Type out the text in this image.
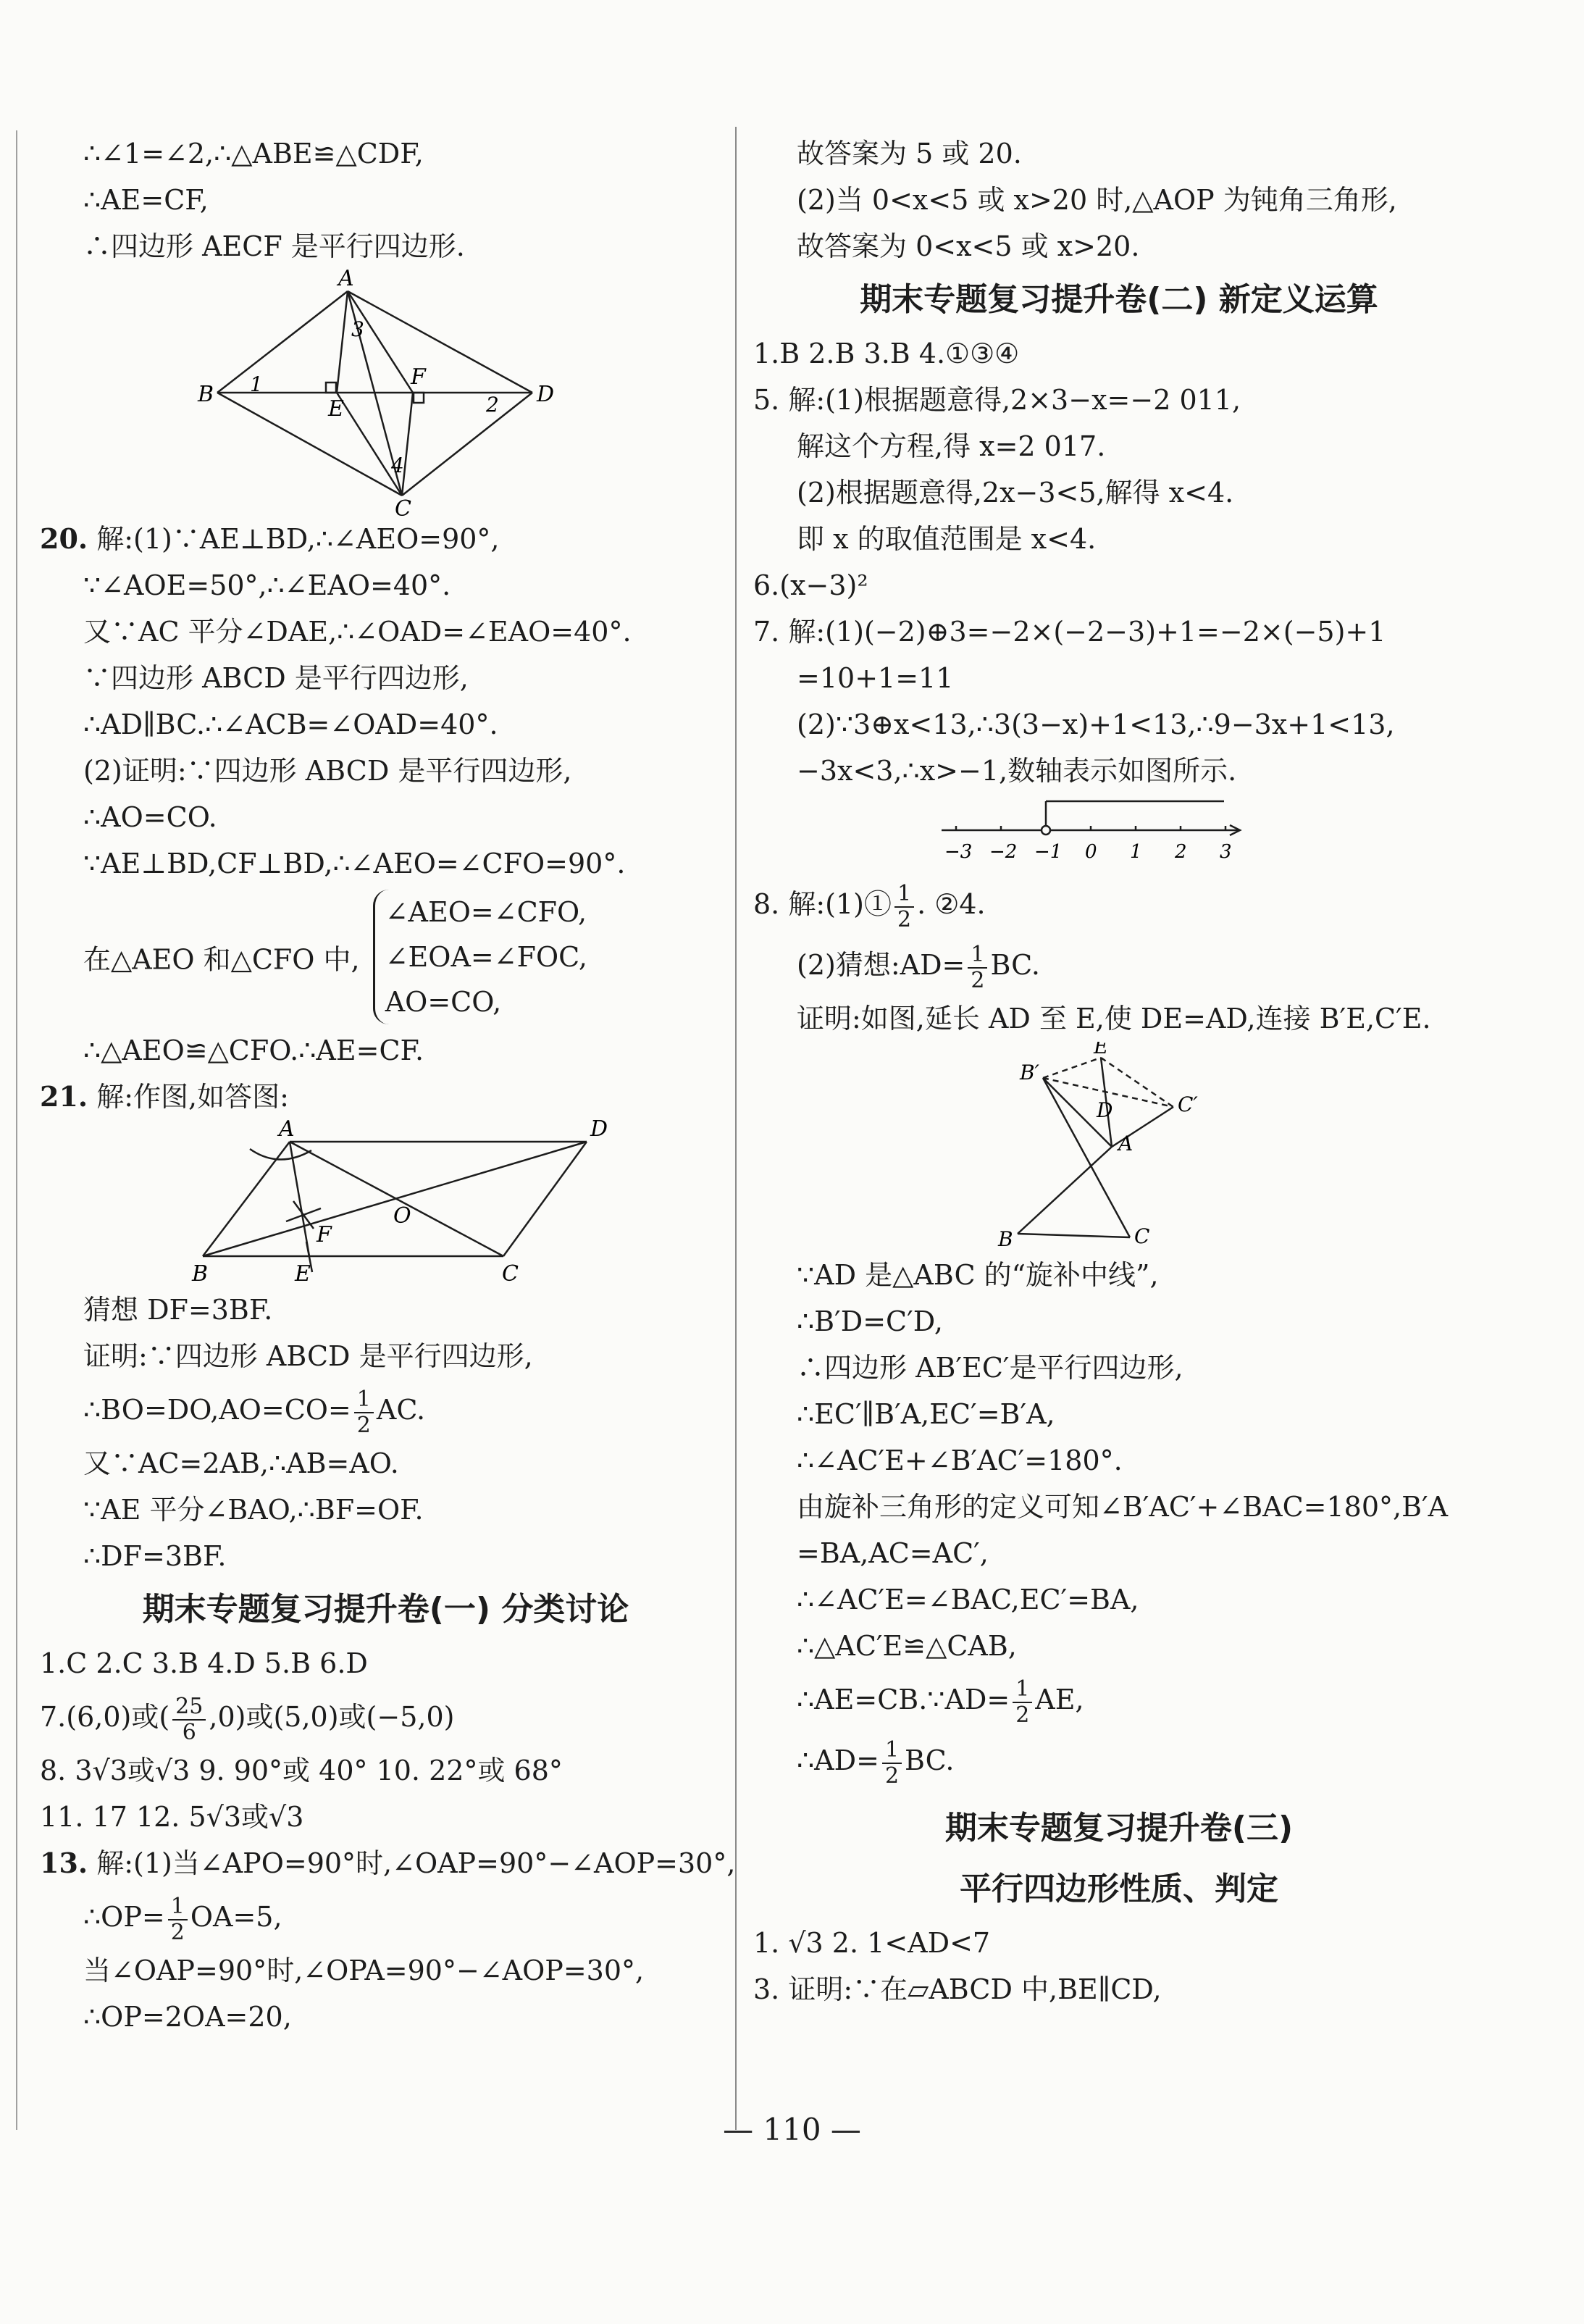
∴∠1=∠2,∴△ABE≌△CDF,
∴AE=CF,
∴四边形 AECF 是平行四边形.
A
B
C
D
E
F
1
2
3
4
20. 解:(1)∵AE⊥BD,∴∠AEO=90°,
∵∠AOE=50°,∴∠EAO=40°.
又∵AC 平分∠DAE,∴∠OAD=∠EAO=40°.
∵四边形 ABCD 是平行四边形,
∴AD∥BC.∴∠ACB=∠OAD=40°.
(2)证明:∵四边形 ABCD 是平行四边形,
∴AO=CO.
∵AE⊥BD,CF⊥BD,∴∠AEO=∠CFO=90°.
在△AEO 和△CFO 中,
∠AEO=∠CFO,
∠EOA=∠FOC,
AO=CO,
∴△AEO≌△CFO.∴AE=CF.
21. 解:作图,如答图:
A
B	C
D
E
F
O
猜想 DF=3BF.
证明:∵四边形 ABCD 是平行四边形,
∴BO=DO,AO=CO= $\frac{1}{2}$ AC.
又∵AC=2AB,∴AB=AO.
∵AE 平分∠BAO,∴BF=OF.
∴DF=3BF.
期末专题复习提升卷(一) 分类讨论
1.C 2.C 3.B 4.D 5.B 6.D
7.(6,0)或( $\frac{25}{6} ,0$)或(5,0)或(−5,0)
8. 3√3或√3 9. 90°或 40° 10. 22°或 68°
11. 17 12. 5√3或√3
13. 解:(1)当∠APO=90°时,∠OAP=90°−∠AOP=30°,
∴OP= $\frac{1}{2} OA=5$,
当∠OAP=90°时,∠OPA=90°−∠AOP=30°,
∴OP=2OA=20,
故答案为 5 或 20.
(2)当 0<x<5 或 x>20 时,△AOP 为钝角三角形,
故答案为 0<x<5 或 x>20.
期末专题复习提升卷(二) 新定义运算
1.B 2.B 3.B 4.①③④
5. 解:(1)根据题意得,2×3−x=−2 011,
解这个方程,得 x=2 017.
(2)根据题意得,2x−3<5,解得 x<4.
即 x 的取值范围是 x<4.
6.(x−3)²
7. 解:(1)(−2)⊕3=−2×(−2−3)+1=−2×(−5)+1
=10+1=11
(2)∵3⊕x<13,∴3(3−x)+1<13,∴9−3x+1<13,
−3x<3,∴x>−1,数轴表示如图所示.
−3 −2 −1 0 1 2 3
8. 解:(1)① $\frac{1}{2}$ . ②4.
(2)猜想:AD= $\frac{1}{2}$ BC.
证明:如图,延长 AD 至 E,使 DE=AD,连接 B′E,C′E.
E
B′
D	C′
A
B	C
∵AD 是△ABC 的“旋补中线”,
∴B′D=C′D,
∴四边形 AB′EC′是平行四边形,
∴EC′∥B′A,EC′=B′A,
∴∠AC′E+∠B′AC′=180°.
由旋补三角形的定义可知∠B′AC′+∠BAC=180°,B′A
=BA,AC=AC′,
∴∠AC′E=∠BAC,EC′=BA,
∴△AC′E≌△CAB,
∴AE=CB.∵AD= $\frac{1}{2}$ AE,
∴AD= $\frac{1}{2}$ BC.
期末专题复习提升卷(三)
平行四边形性质、判定
1. √3 2. 1<AD<7
3. 证明:∵在▱ABCD 中,BE∥CD,
— 110 —
